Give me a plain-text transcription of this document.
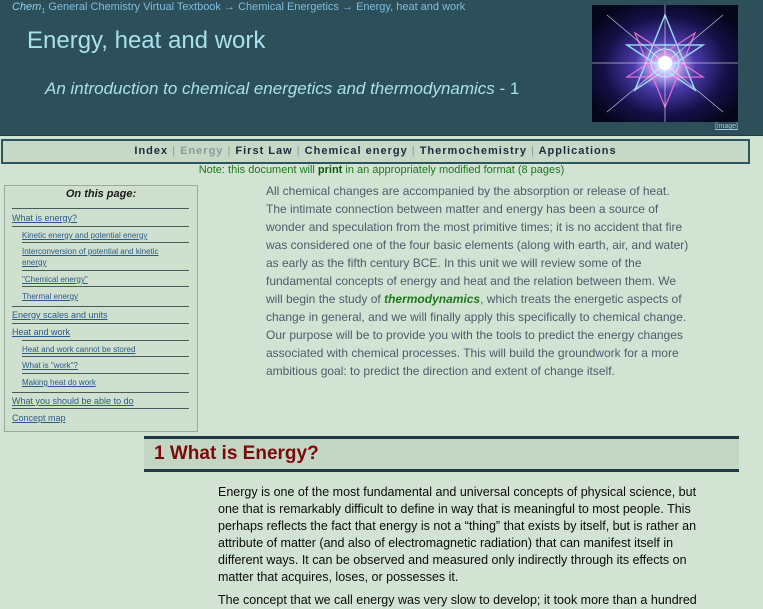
Chem$_1$ General Chemistry Virtual Textbook → Chemical Energetics → Energy, heat and work
Energy, heat and work
An introduction to chemical energetics and thermodynamics - 1
[image]
Index | Energy | First Law | Chemical energy | Thermochemistry | Applications
Note: this document will print in an appropriately modified format (8 pages)
On this page:
What is energy?
Kinetic energy and potential energy
Interconversion of potential and kinetic energy
"Chemical energy"
Thermal energy
Energy scales and units
Heat and work
Heat and work cannot be stored
What is "work"?
Making heat do work
What you should be able to do
Concept map
All chemical changes are accompanied by the absorption or release of heat. The intimate connection between matter and energy has been a source of wonder and speculation from the most primitive times; it is no accident that fire was considered one of the four basic elements (along with earth, air, and water) as early as the fifth century BCE. In this unit we will review some of the fundamental concepts of energy and heat and the relation between them. We will begin the study of thermodynamics, which treats the energetic aspects of change in general, and we will finally apply this specifically to chemical change. Our purpose will be to provide you with the tools to predict the energy changes associated with chemical processes. This will build the groundwork for a more ambitious goal: to predict the direction and extent of change itself.
1 What is Energy?
Energy is one of the most fundamental and universal concepts of physical science, but one that is remarkably difficult to define in way that is meaningful to most people. This perhaps reflects the fact that energy is not a “thing” that exists by itself, but is rather an attribute of matter (and also of electromagnetic radiation) that can manifest itself in different ways. It can be observed and measured only indirectly through its effects on matter that acquires, loses, or possesses it.
The concept that we call energy was very slow to develop; it took more than a hundred
